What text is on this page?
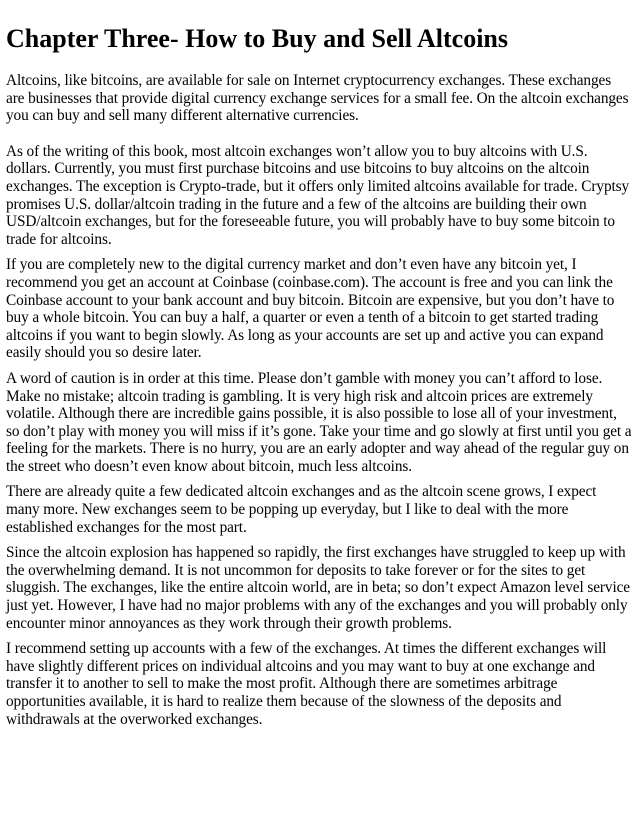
Chapter Three- How to Buy and Sell Altcoins

Altcoins, like bitcoins, are available for sale on Internet cryptocurrency exchanges. These exchanges are businesses that provide digital currency exchange services for a small fee. On the altcoin exchanges you can buy and sell many different alternative currencies.

As of the writing of this book, most altcoin exchanges won’t allow you to buy altcoins with U.S. dollars. Currently, you must first purchase bitcoins and use bitcoins to buy altcoins on the altcoin exchanges. The exception is Crypto-trade, but it offers only limited altcoins available for trade. Cryptsy promises U.S. dollar/altcoin trading in the future and a few of the altcoins are building their own USD/altcoin exchanges, but for the foreseeable future, you will probably have to buy some bitcoin to trade for altcoins.

If you are completely new to the digital currency market and don’t even have any bitcoin yet, I recommend you get an account at Coinbase (coinbase.com). The account is free and you can link the Coinbase account to your bank account and buy bitcoin. Bitcoin are expensive, but you don’t have to buy a whole bitcoin. You can buy a half, a quarter or even a tenth of a bitcoin to get started trading altcoins if you want to begin slowly. As long as your accounts are set up and active you can expand easily should you so desire later.

A word of caution is in order at this time. Please don’t gamble with money you can’t afford to lose. Make no mistake; altcoin trading is gambling. It is very high risk and altcoin prices are extremely volatile. Although there are incredible gains possible, it is also possible to lose all of your investment, so don’t play with money you will miss if it’s gone. Take your time and go slowly at first until you get a feeling for the markets. There is no hurry, you are an early adopter and way ahead of the regular guy on the street who doesn’t even know about bitcoin, much less altcoins.

There are already quite a few dedicated altcoin exchanges and as the altcoin scene grows, I expect many more. New exchanges seem to be popping up everyday, but I like to deal with the more established exchanges for the most part.

Since the altcoin explosion has happened so rapidly, the first exchanges have struggled to keep up with the overwhelming demand. It is not uncommon for deposits to take forever or for the sites to get sluggish. The exchanges, like the entire altcoin world, are in beta; so don’t expect Amazon level service just yet. However, I have had no major problems with any of the exchanges and you will probably only encounter minor annoyances as they work through their growth problems.

I recommend setting up accounts with a few of the exchanges. At times the different exchanges will have slightly different prices on individual altcoins and you may want to buy at one exchange and transfer it to another to sell to make the most profit. Although there are sometimes arbitrage opportunities available, it is hard to realize them because of the slowness of the deposits and withdrawals at the overworked exchanges.
